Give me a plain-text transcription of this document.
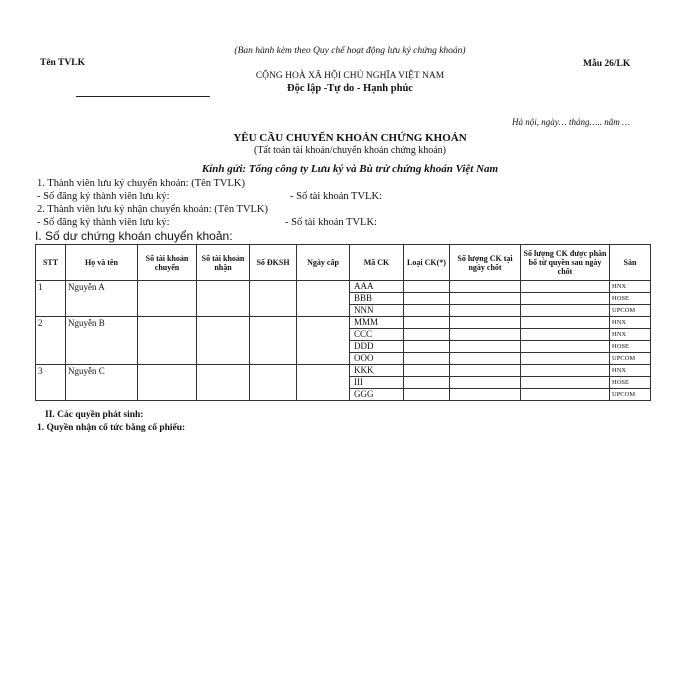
(Ban hành kèm theo Quy chế hoạt động lưu ký chứng khoán)
Tên TVLK	Mẫu 26/LK
CỘNG HOÀ XÃ HỘI CHỦ NGHĨA VIỆT NAM
Độc lập -Tự do - Hạnh phúc
Hà nội, ngày… tháng….. năm …
YÊU CẦU CHUYỂN KHOẢN CHỨNG KHOÁN
(Tất toán tài khoản/chuyển khoản chứng khoán)
Kính gửi: Tổng công ty Lưu ký và Bù trừ chứng khoán Việt Nam
1. Thành viên lưu ký chuyển khoản: (Tên TVLK)
- Số đăng ký thành viên lưu ký:	- Số tài khoản TVLK:
2. Thành viên lưu ký nhận chuyển khoản: (Tên TVLK)
- Số đăng ký thành viên lưu ký:	- Số tài khoản TVLK:
I. Số dư chứng khoán chuyển khoản:
STT	Họ và tên	Số tài khoản chuyển	Số tài khoản nhận	Số ĐKSH	Ngày cấp	Mã CK	Loại CK(*)	Số lượng CK tại ngày chốt	Số lượng CK được phân bổ từ quyền sau ngày chốt	Sàn
1	Nguyễn A					AAA				HNX
						BBB				HOSE
						NNN				UPCOM
2	Nguyễn B					MMM				HNX
						CCC				HNX
						DDD				HOSE
						OOO				UPCOM
3	Nguyễn C					KKK				HNX
						III				HOSE
						GGG				UPCOM
II. Các quyền phát sinh:
1. Quyền nhận cổ tức bằng cổ phiếu:
